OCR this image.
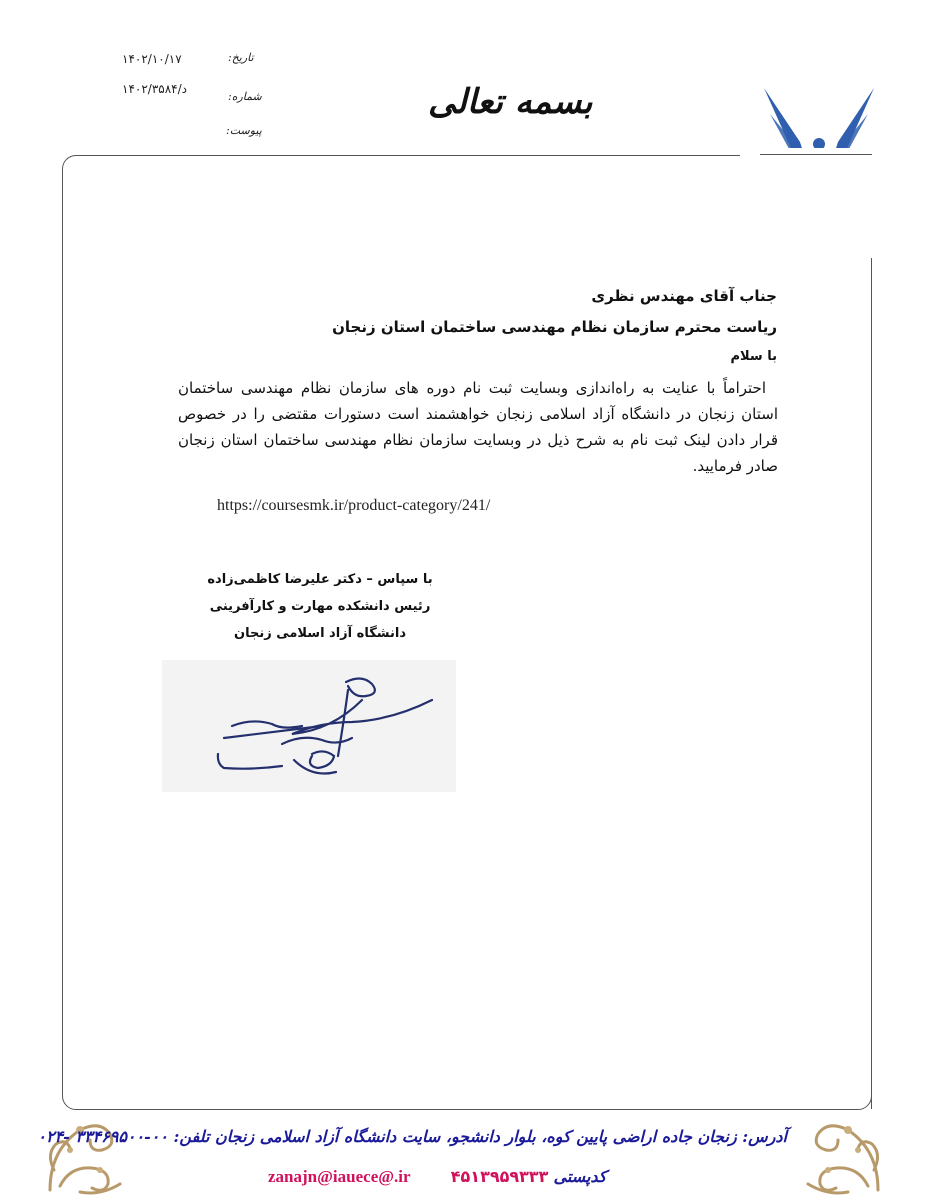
۱۴۰۲/۱۰/۱۷	تاریخ:
۱۴۰۲/د/۳۵۸۴
شماره:
پیوست:
بسمه تعالی
جناب آقای مهندس نظری
ریاست محترم سازمان نظام مهندسی ساختمان استان زنجان
با سلام
احتراماً با عنایت به راه‌اندازی وبسایت ثبت نام دوره های سازمان نظام مهندسی ساختمان استان زنجان در دانشگاه آزاد اسلامی زنجان خواهشمند است دستورات مقتضی را در خصوص قرار دادن لینک ثبت نام به شرح ذیل در وبسایت سازمان نظام مهندسی ساختمان استان زنجان صادر فرمایید.
https://coursesmk.ir/product-category/241/
با سپاس – دکتر علیرضا کاظمی‌زاده
رئیس دانشکده مهارت و کارآفرینی
دانشگاه آزاد اسلامی زنجان
آدرس: زنجان جاده اراضی پایین کوه، بلوار دانشجو، سایت دانشگاه آزاد اسلامی زنجان تلفن: ۰۰-۳۳۴۶۹۵۰۰ -۰۲۴
zanajn@iauece@.ir	۴۵۱۳۹۵۹۳۳۳ کدپستی
